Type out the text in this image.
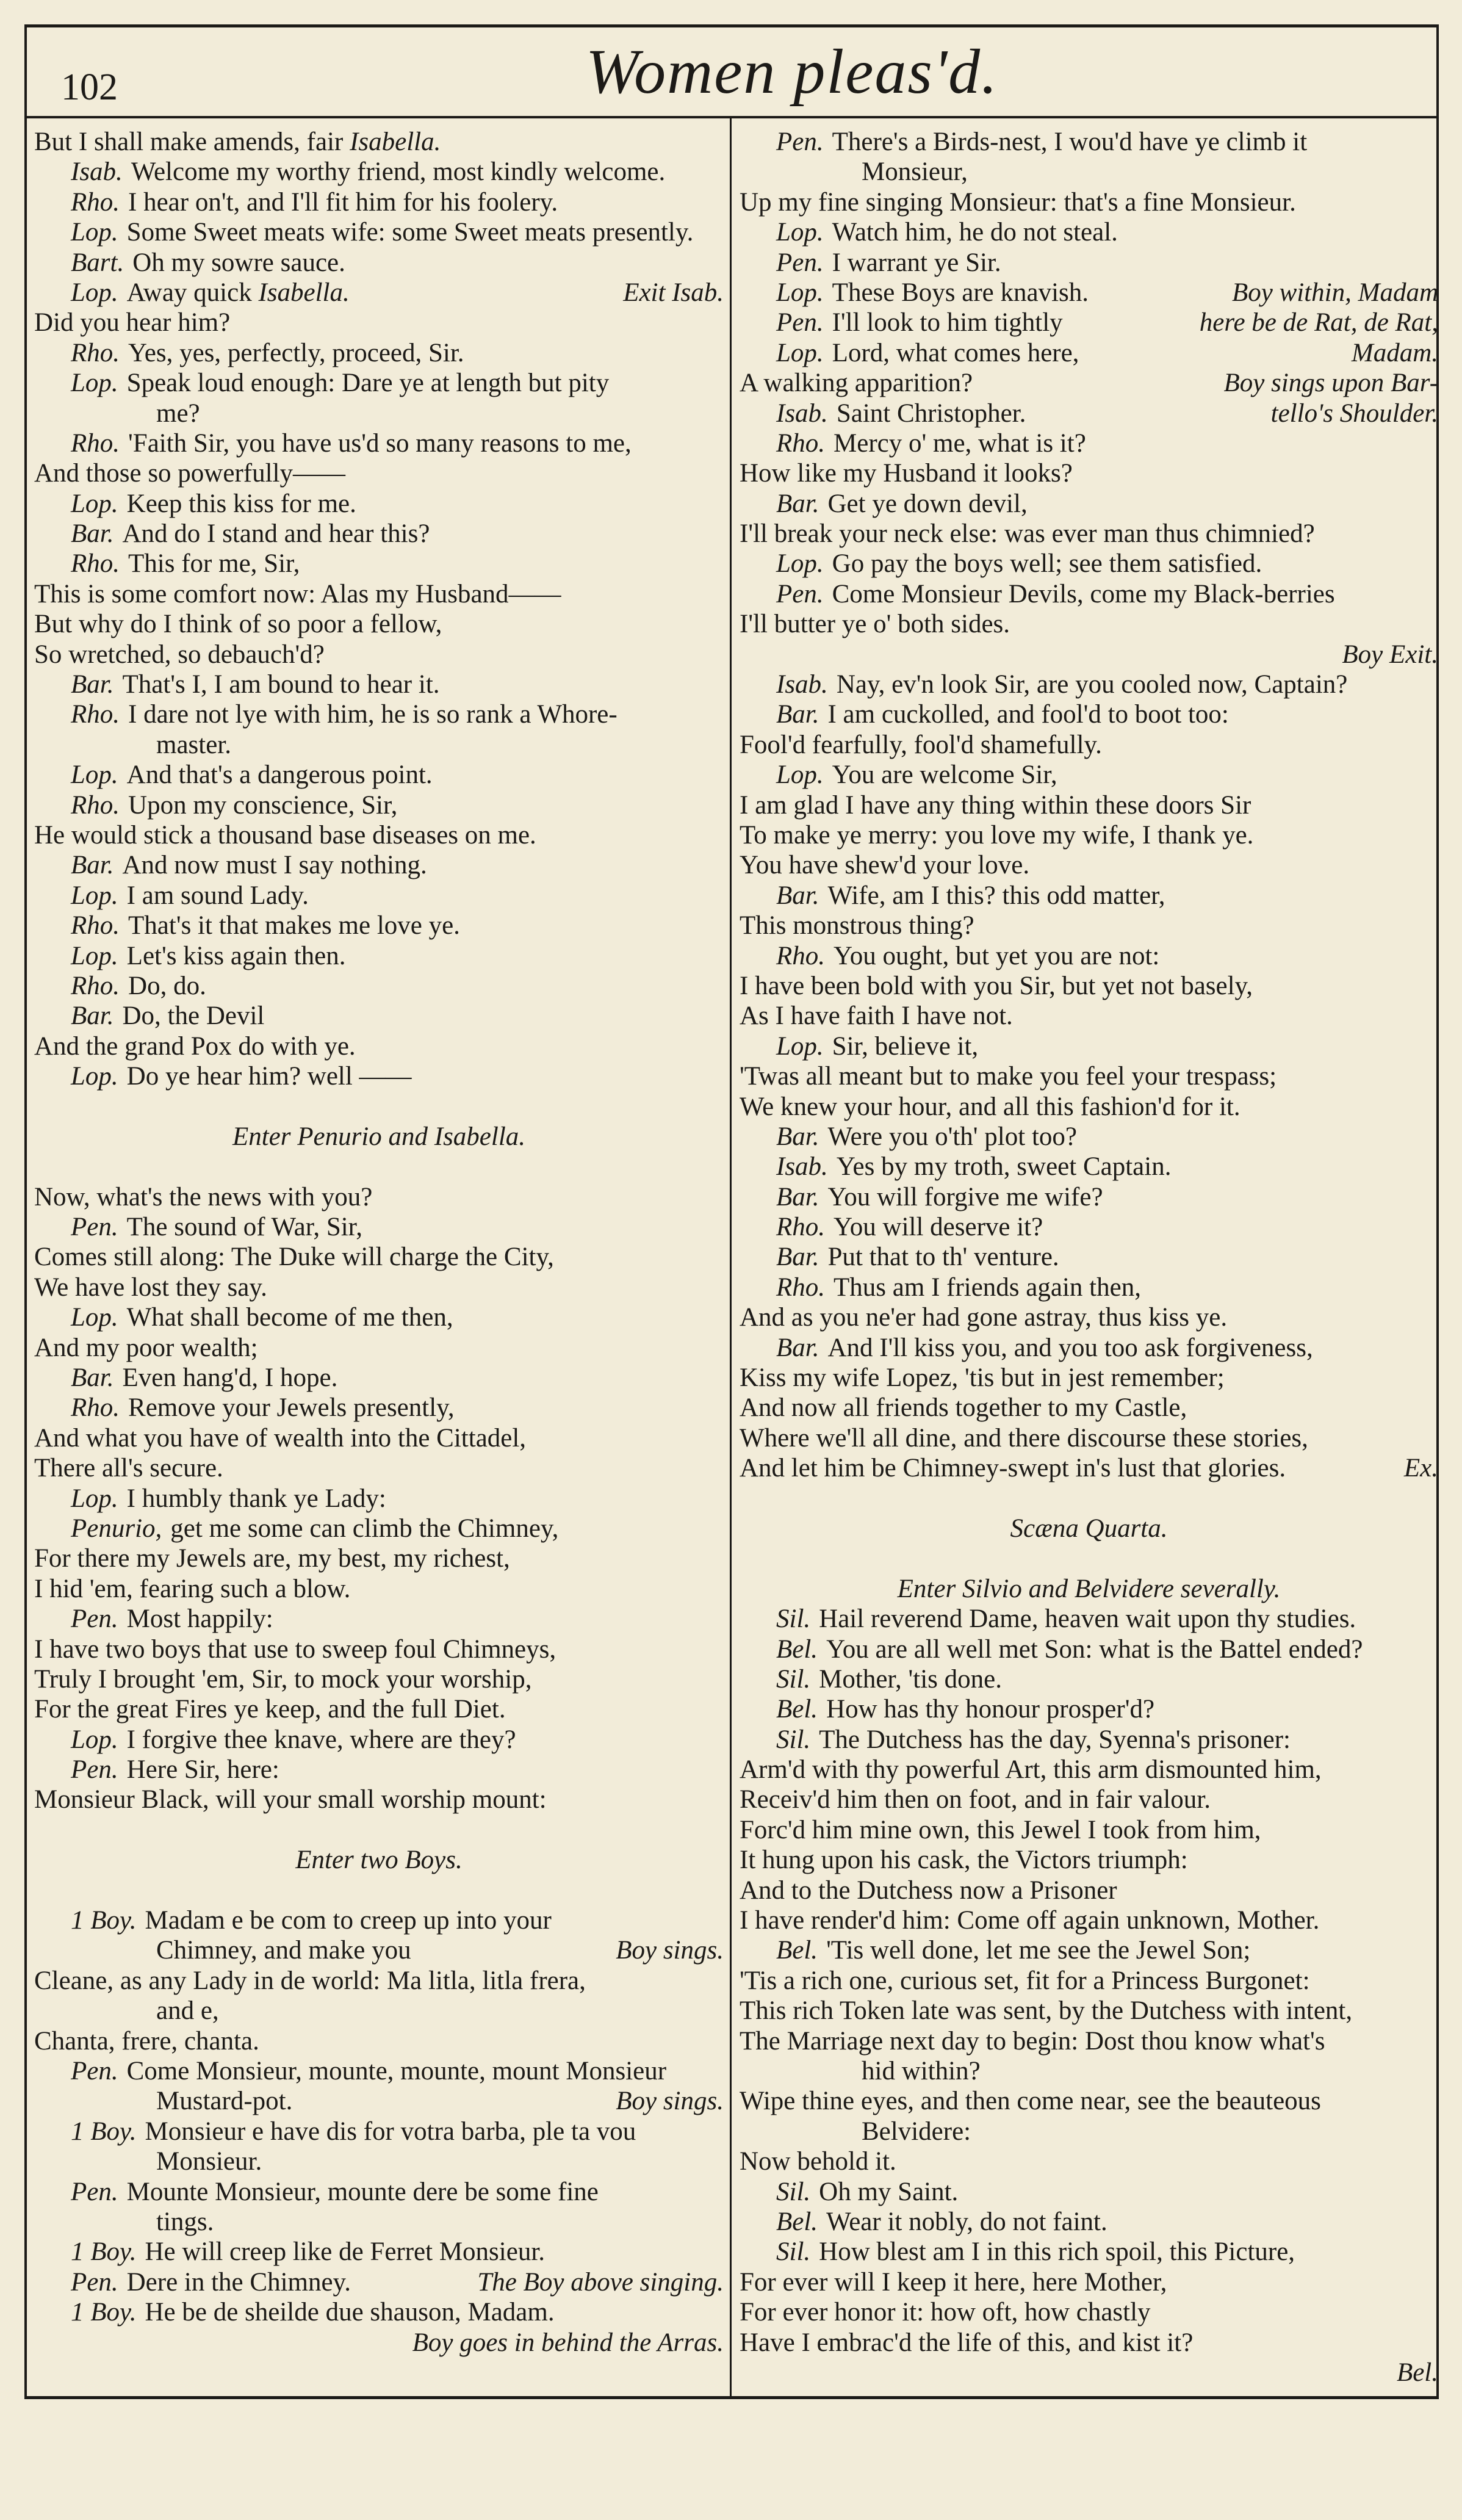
102	Women pleas'd.
But I shall make amends, fair Isabella.
Isab. Welcome my worthy friend, most kindly welcome.
Rho. I hear on't, and I'll fit him for his foolery.
Lop. Some Sweet meats wife: some Sweet meats presently.
Bart. Oh my sowre sauce.
Lop. Away quick Isabella.	Exit Isab.
Did you hear him?
Rho. Yes, yes, perfectly, proceed, Sir.
Lop. Speak loud enough: Dare ye at length but pity
me?
Rho. 'Faith Sir, you have us'd so many reasons to me,
And those so powerfully——
Lop. Keep this kiss for me.
Bar. And do I stand and hear this?
Rho. This for me, Sir,
This is some comfort now: Alas my Husband——
But why do I think of so poor a fellow,
So wretched, so debauch'd?
Bar. That's I, I am bound to hear it.
Rho. I dare not lye with him, he is so rank a Whore-
master.
Lop. And that's a dangerous point.
Rho. Upon my conscience, Sir,
He would stick a thousand base diseases on me.
Bar. And now must I say nothing.
Lop. I am sound Lady.
Rho. That's it that makes me love ye.
Lop. Let's kiss again then.
Rho. Do, do.
Bar. Do, the Devil
And the grand Pox do with ye.
Lop. Do ye hear him? well ——
Enter Penurio and Isabella.
Now, what's the news with you?
Pen. The sound of War, Sir,
Comes still along: The Duke will charge the City,
We have lost they say.
Lop. What shall become of me then,
And my poor wealth;
Bar. Even hang'd, I hope.
Rho. Remove your Jewels presently,
And what you have of wealth into the Cittadel,
There all's secure.
Lop. I humbly thank ye Lady:
Penurio, get me some can climb the Chimney,
For there my Jewels are, my best, my richest,
I hid 'em, fearing such a blow.
Pen. Most happily:
I have two boys that use to sweep foul Chimneys,
Truly I brought 'em, Sir, to mock your worship,
For the great Fires ye keep, and the full Diet.
Lop. I forgive thee knave, where are they?
Pen. Here Sir, here:
Monsieur Black, will your small worship mount:
Enter two Boys.
1 Boy. Madam e be com to creep up into your
Chimney, and make you	Boy sings.
Cleane, as any Lady in de world: Ma litla, litla frera,
and e,
Chanta, frere, chanta.
Pen. Come Monsieur, mounte, mounte, mount Monsieur
Mustard-pot.	Boy sings.
1 Boy. Monsieur e have dis for votra barba, ple ta vou
Monsieur.
Pen. Mounte Monsieur, mounte dere be some fine
tings.
1 Boy. He will creep like de Ferret Monsieur.
Pen. Dere in the Chimney.	The Boy above singing.
1 Boy. He be de sheilde due shauson, Madam.
Boy goes in behind the Arras.
Pen. There's a Birds-nest, I wou'd have ye climb it
Monsieur,
Up my fine singing Monsieur: that's a fine Monsieur.
Lop. Watch him, he do not steal.
Pen. I warrant ye Sir.
Lop. These Boys are knavish.	Boy within, Madam
Pen. I'll look to him tightly	here be de Rat, de Rat,
Lop. Lord, what comes here,	Madam.
A walking apparition?	Boy sings upon Bar-
Isab. Saint Christopher.	tello's Shoulder.
Rho. Mercy o' me, what is it?
How like my Husband it looks?
Bar. Get ye down devil,
I'll break your neck else: was ever man thus chimnied?
Lop. Go pay the boys well; see them satisfied.
Pen. Come Monsieur Devils, come my Black-berries
I'll butter ye o' both sides.
Boy Exit.
Isab. Nay, ev'n look Sir, are you cooled now, Captain?
Bar. I am cuckolled, and fool'd to boot too:
Fool'd fearfully, fool'd shamefully.
Lop. You are welcome Sir,
I am glad I have any thing within these doors Sir
To make ye merry: you love my wife, I thank ye.
You have shew'd your love.
Bar. Wife, am I this? this odd matter,
This monstrous thing?
Rho. You ought, but yet you are not:
I have been bold with you Sir, but yet not basely,
As I have faith I have not.
Lop. Sir, believe it,
'Twas all meant but to make you feel your trespass;
We knew your hour, and all this fashion'd for it.
Bar. Were you o'th' plot too?
Isab. Yes by my troth, sweet Captain.
Bar. You will forgive me wife?
Rho. You will deserve it?
Bar. Put that to th' venture.
Rho. Thus am I friends again then,
And as you ne'er had gone astray, thus kiss ye.
Bar. And I'll kiss you, and you too ask forgiveness,
Kiss my wife Lopez, 'tis but in jest remember;
And now all friends together to my Castle,
Where we'll all dine, and there discourse these stories,
And let him be Chimney-swept in's lust that glories.	Ex.
Scæna Quarta.
Enter Silvio and Belvidere severally.
Sil. Hail reverend Dame, heaven wait upon thy studies.
Bel. You are all well met Son: what is the Battel ended?
Sil. Mother, 'tis done.
Bel. How has thy honour prosper'd?
Sil. The Dutchess has the day, Syenna's prisoner:
Arm'd with thy powerful Art, this arm dismounted him,
Receiv'd him then on foot, and in fair valour.
Forc'd him mine own, this Jewel I took from him,
It hung upon his cask, the Victors triumph:
And to the Dutchess now a Prisoner
I have render'd him: Come off again unknown, Mother.
Bel. 'Tis well done, let me see the Jewel Son;
'Tis a rich one, curious set, fit for a Princess Burgonet:
This rich Token late was sent, by the Dutchess with intent,
The Marriage next day to begin: Dost thou know what's
hid within?
Wipe thine eyes, and then come near, see the beauteous
Belvidere:
Now behold it.
Sil. Oh my Saint.
Bel. Wear it nobly, do not faint.
Sil. How blest am I in this rich spoil, this Picture,
For ever will I keep it here, here Mother,
For ever honor it: how oft, how chastly
Have I embrac'd the life of this, and kist it?
Bel.
